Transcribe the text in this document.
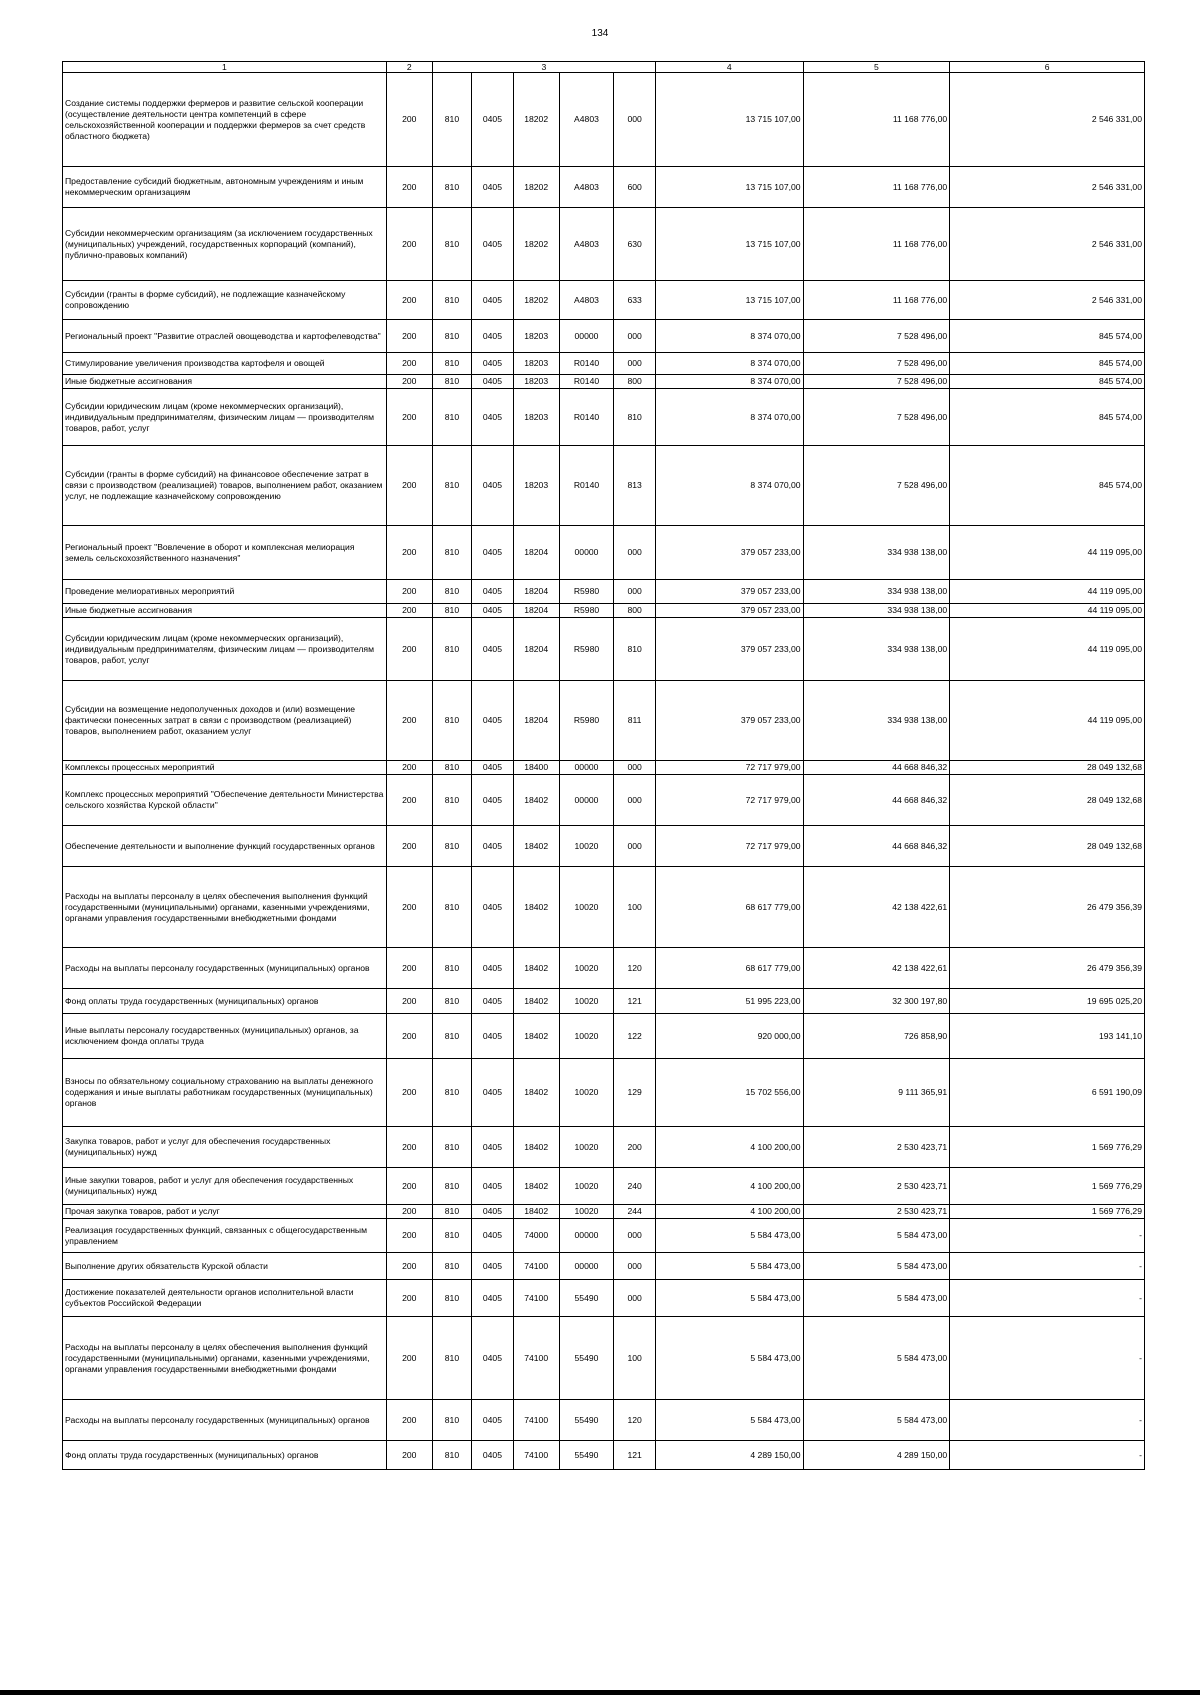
134
1	2	3					4	5	6
Создание системы поддержки фермеров и развитие сельской кооперации (осуществление деятельности центра компетенций в сфере сельскохозяйственной кооперации и поддержки фермеров за счет средств областного бюджета)	200	810	0405	18202	А4803	000	13 715 107,00	11 168 776,00	2 546 331,00
Предоставление субсидий бюджетным, автономным учреждениям и иным некоммерческим организациям	200	810	0405	18202	А4803	600	13 715 107,00	11 168 776,00	2 546 331,00
Субсидии некоммерческим организациям (за исключением государственных (муниципальных) учреждений, государственных корпораций (компаний), публично-правовых компаний)	200	810	0405	18202	А4803	630	13 715 107,00	11 168 776,00	2 546 331,00
Субсидии (гранты в форме субсидий), не подлежащие казначейскому сопровождению	200	810	0405	18202	А4803	633	13 715 107,00	11 168 776,00	2 546 331,00
Региональный проект "Развитие отраслей овощеводства и картофелеводства"	200	810	0405	18203	00000	000	8 374 070,00	7 528 496,00	845 574,00
Стимулирование увеличения производства картофеля и овощей	200	810	0405	18203	R0140	000	8 374 070,00	7 528 496,00	845 574,00
Иные бюджетные ассигнования	200	810	0405	18203	R0140	800	8 374 070,00	7 528 496,00	845 574,00
Субсидии юридическим лицам (кроме некоммерческих организаций), индивидуальным предпринимателям, физическим лицам — производителям товаров, работ, услуг	200	810	0405	18203	R0140	810	8 374 070,00	7 528 496,00	845 574,00
Субсидии (гранты в форме субсидий) на финансовое обеспечение затрат в связи с производством (реализацией) товаров, выполнением работ, оказанием услуг, не подлежащие казначейскому сопровождению	200	810	0405	18203	R0140	813	8 374 070,00	7 528 496,00	845 574,00
Региональный проект "Вовлечение в оборот и комплексная мелиорация земель сельскохозяйственного назначения"	200	810	0405	18204	00000	000	379 057 233,00	334 938 138,00	44 119 095,00
Проведение мелиоративных мероприятий	200	810	0405	18204	R5980	000	379 057 233,00	334 938 138,00	44 119 095,00
Иные бюджетные ассигнования	200	810	0405	18204	R5980	800	379 057 233,00	334 938 138,00	44 119 095,00
Субсидии юридическим лицам (кроме некоммерческих организаций), индивидуальным предпринимателям, физическим лицам — производителям товаров, работ, услуг	200	810	0405	18204	R5980	810	379 057 233,00	334 938 138,00	44 119 095,00
Субсидии на возмещение недополученных доходов и (или) возмещение фактически понесенных затрат в связи с производством (реализацией) товаров, выполнением работ, оказанием услуг	200	810	0405	18204	R5980	811	379 057 233,00	334 938 138,00	44 119 095,00
Комплексы процессных мероприятий	200	810	0405	18400	00000	000	72 717 979,00	44 668 846,32	28 049 132,68
Комплекс процессных мероприятий "Обеспечение деятельности Министерства сельского хозяйства Курской области"	200	810	0405	18402	00000	000	72 717 979,00	44 668 846,32	28 049 132,68
Обеспечение деятельности и выполнение функций государственных органов	200	810	0405	18402	10020	000	72 717 979,00	44 668 846,32	28 049 132,68
Расходы на выплаты персоналу в целях обеспечения выполнения функций государственными (муниципальными) органами, казенными учреждениями, органами управления государственными внебюджетными фондами	200	810	0405	18402	10020	100	68 617 779,00	42 138 422,61	26 479 356,39
Расходы на выплаты персоналу государственных (муниципальных) органов	200	810	0405	18402	10020	120	68 617 779,00	42 138 422,61	26 479 356,39
Фонд оплаты труда государственных (муниципальных) органов	200	810	0405	18402	10020	121	51 995 223,00	32 300 197,80	19 695 025,20
Иные выплаты персоналу государственных (муниципальных) органов, за исключением фонда оплаты труда	200	810	0405	18402	10020	122	920 000,00	726 858,90	193 141,10
Взносы по обязательному социальному страхованию на выплаты денежного содержания и иные выплаты работникам государственных (муниципальных) органов	200	810	0405	18402	10020	129	15 702 556,00	9 111 365,91	6 591 190,09
Закупка товаров, работ и услуг для обеспечения государственных (муниципальных) нужд	200	810	0405	18402	10020	200	4 100 200,00	2 530 423,71	1 569 776,29
Иные закупки товаров, работ и услуг для обеспечения государственных (муниципальных) нужд	200	810	0405	18402	10020	240	4 100 200,00	2 530 423,71	1 569 776,29
Прочая закупка товаров, работ и услуг	200	810	0405	18402	10020	244	4 100 200,00	2 530 423,71	1 569 776,29
Реализация государственных функций, связанных с общегосударственным управлением	200	810	0405	74000	00000	000	5 584 473,00	5 584 473,00	-
Выполнение других обязательств Курской области	200	810	0405	74100	00000	000	5 584 473,00	5 584 473,00	-
Достижение показателей деятельности органов исполнительной власти субъектов Российской Федерации	200	810	0405	74100	55490	000	5 584 473,00	5 584 473,00	-
Расходы на выплаты персоналу в целях обеспечения выполнения функций государственными (муниципальными) органами, казенными учреждениями, органами управления государственными внебюджетными фондами	200	810	0405	74100	55490	100	5 584 473,00	5 584 473,00	-
Расходы на выплаты персоналу государственных (муниципальных) органов	200	810	0405	74100	55490	120	5 584 473,00	5 584 473,00	-
Фонд оплаты труда государственных (муниципальных) органов	200	810	0405	74100	55490	121	4 289 150,00	4 289 150,00	-
